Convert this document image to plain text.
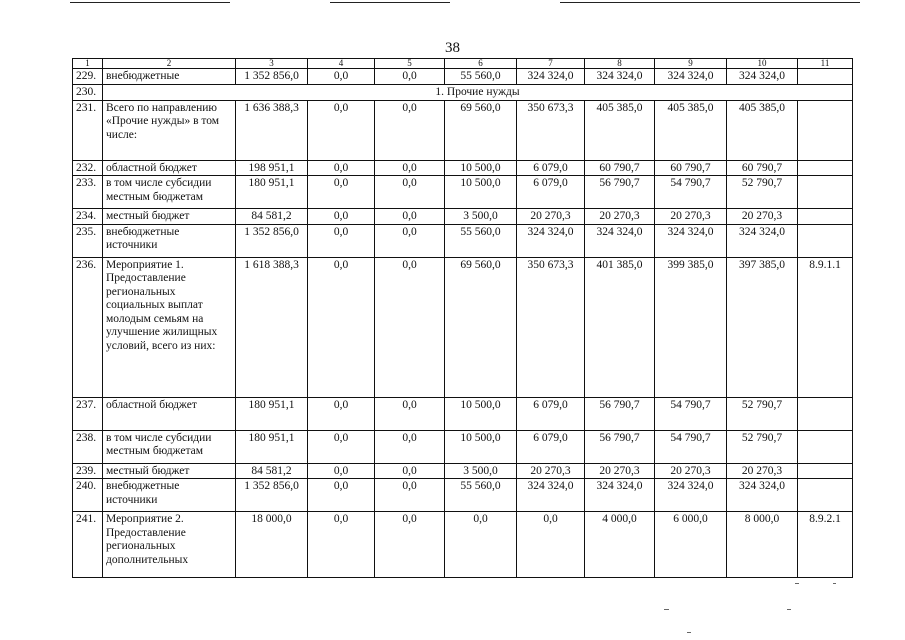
38
1	2	3	4	5	6	7	8	9	10	11
229.	внебюджетные	1 352 856,0	0,0	0,0	55 560,0	324 324,0	324 324,0	324 324,0	324 324,0	
230.	1. Прочие нужды									
231.	Всего по направлению «Прочие нужды» в том числе:	1 636 388,3	0,0	0,0	69 560,0	350 673,3	405 385,0	405 385,0	405 385,0	
232.	областной бюджет	198 951,1	0,0	0,0	10 500,0	6 079,0	60 790,7	60 790,7	60 790,7	
233.	в том числе субсидии местным бюджетам	180 951,1	0,0	0,0	10 500,0	6 079,0	56 790,7	54 790,7	52 790,7	
234.	местный бюджет	84 581,2	0,0	0,0	3 500,0	20 270,3	20 270,3	20 270,3	20 270,3	
235.	внебюджетные источники	1 352 856,0	0,0	0,0	55 560,0	324 324,0	324 324,0	324 324,0	324 324,0	
236.	Мероприятие 1. Предоставление региональных социальных выплат молодым семьям на улучшение жилищных условий, всего из них:	1 618 388,3	0,0	0,0	69 560,0	350 673,3	401 385,0	399 385,0	397 385,0	8.9.1.1
237.	областной бюджет	180 951,1	0,0	0,0	10 500,0	6 079,0	56 790,7	54 790,7	52 790,7	
238.	в том числе субсидии местным бюджетам	180 951,1	0,0	0,0	10 500,0	6 079,0	56 790,7	54 790,7	52 790,7	
239.	местный бюджет	84 581,2	0,0	0,0	3 500,0	20 270,3	20 270,3	20 270,3	20 270,3	
240.	внебюджетные источники	1 352 856,0	0,0	0,0	55 560,0	324 324,0	324 324,0	324 324,0	324 324,0	
241.	Мероприятие 2. Предоставление региональных дополнительных	18 000,0	0,0	0,0	0,0	0,0	4 000,0	6 000,0	8 000,0	8.9.2.1
